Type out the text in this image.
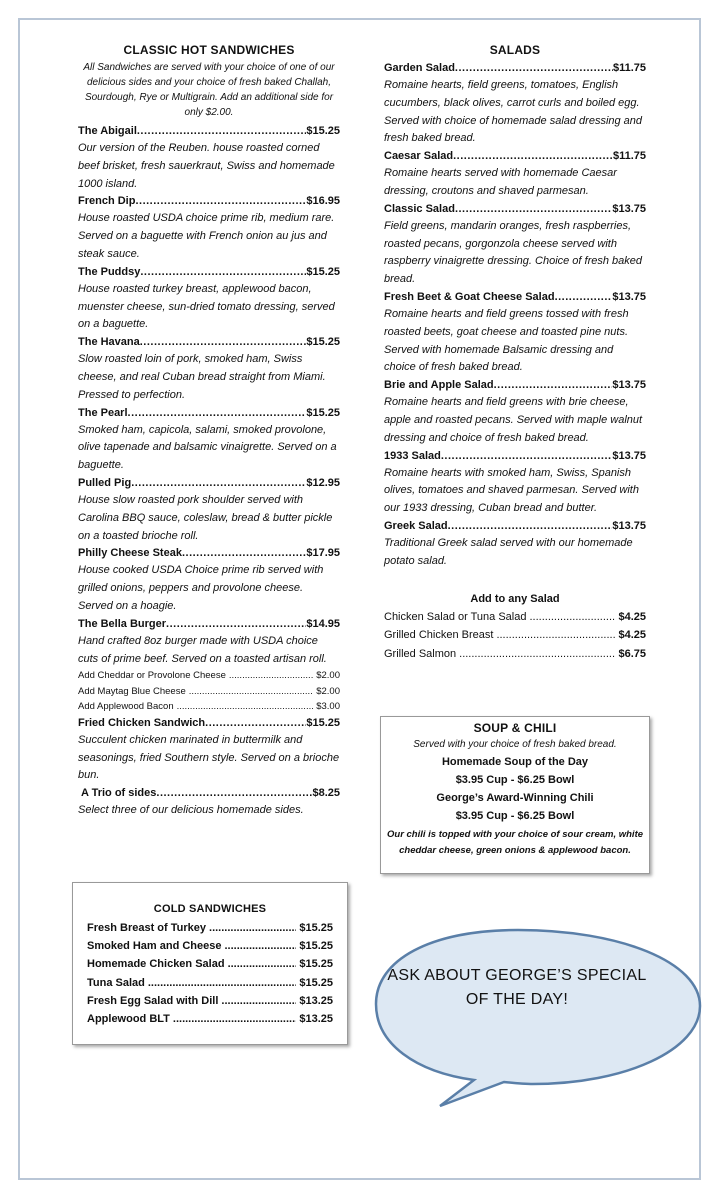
CLASSIC HOT SANDWICHES
All Sandwiches are served with your choice of one of our delicious sides and your choice of fresh baked Challah, Sourdough, Rye or Multigrain. Add an additional side for only $2.00.
The Abigail .....	$15.25
Our version of the Reuben. house roasted corned beef brisket, fresh sauerkraut, Swiss and homemade 1000 island.
French Dip .....	$16.95
House roasted USDA choice prime rib, medium rare. Served on a baguette with French onion au jus and steak sauce.
The Puddsy .....	$15.25
House roasted turkey breast, applewood bacon, muenster cheese, sun-dried tomato dressing, served on a baguette.
The Havana .....	$15.25
Slow roasted loin of pork, smoked ham, Swiss cheese, and real Cuban bread straight from Miami. Pressed to perfection.
The Pearl .....	$15.25
Smoked ham, capicola, salami, smoked provolone, olive tapenade and balsamic vinaigrette. Served on a baguette.
Pulled Pig .....	$12.95
House slow roasted pork shoulder served with Carolina BBQ sauce, coleslaw, bread & butter pickle on a toasted brioche roll.
Philly Cheese Steak .....	$17.95
House cooked USDA Choice prime rib served with grilled onions, peppers and provolone cheese. Served on a hoagie.
The Bella Burger .....	$14.95
Hand crafted 8oz burger made with USDA choice cuts of prime beef. Served on a toasted artisan roll.
Add Cheddar or Provolone Cheese .....	$2.00
Add Maytag Blue Cheese .....	$2.00
Add Applewood Bacon .....	$3.00
Fried Chicken Sandwich .....	$15.25
Succulent chicken marinated in buttermilk and seasonings, fried Southern style. Served on a brioche bun.
A Trio of sides .....	$8.25
Select three of our delicious homemade sides.
SALADS
Garden Salad .....	$11.75
Romaine hearts, field greens, tomatoes, English cucumbers, black olives, carrot curls and boiled egg. Served with choice of homemade salad dressing and fresh baked bread.
Caesar Salad .....	$11.75
Romaine hearts served with homemade Caesar dressing, croutons and shaved parmesan.
Classic Salad .....	$13.75
Field greens, mandarin oranges, fresh raspberries, roasted pecans, gorgonzola cheese served with raspberry vinaigrette dressing. Choice of fresh baked bread.
Fresh Beet & Goat Cheese Salad .....	$13.75
Romaine hearts and field greens tossed with fresh roasted beets, goat cheese and toasted pine nuts. Served with homemade Balsamic dressing and choice of fresh baked bread.
Brie and Apple Salad .....	$13.75
Romaine hearts and field greens with brie cheese, apple and roasted pecans. Served with maple walnut dressing and choice of fresh baked bread.
1933 Salad .....	$13.75
Romaine hearts with smoked ham, Swiss, Spanish olives, tomatoes and shaved parmesan. Served with our 1933 dressing, Cuban bread and butter.
Greek Salad .....	$13.75
Traditional Greek salad served with our homemade potato salad.
Add to any Salad
Chicken Salad or Tuna Salad .....	$4.25
Grilled Chicken Breast .....	$4.25
Grilled Salmon .....	$6.75
SOUP & CHILI
Served with your choice of fresh baked bread.
Homemade Soup of the Day
$3.95 Cup - $6.25 Bowl
George’s Award-Winning Chili
$3.95 Cup - $6.25 Bowl
Our chili is topped with your choice of sour cream, white cheddar cheese, green onions & applewood bacon.
COLD SANDWICHES
Fresh Breast of Turkey .....	$15.25
Smoked Ham and Cheese .....	$15.25
Homemade Chicken Salad .....	$15.25
Tuna Salad .....	$15.25
Fresh Egg Salad with Dill .....	$13.25
Applewood BLT .....	$13.25
ASK ABOUT GEORGE’S SPECIAL
OF THE DAY!
